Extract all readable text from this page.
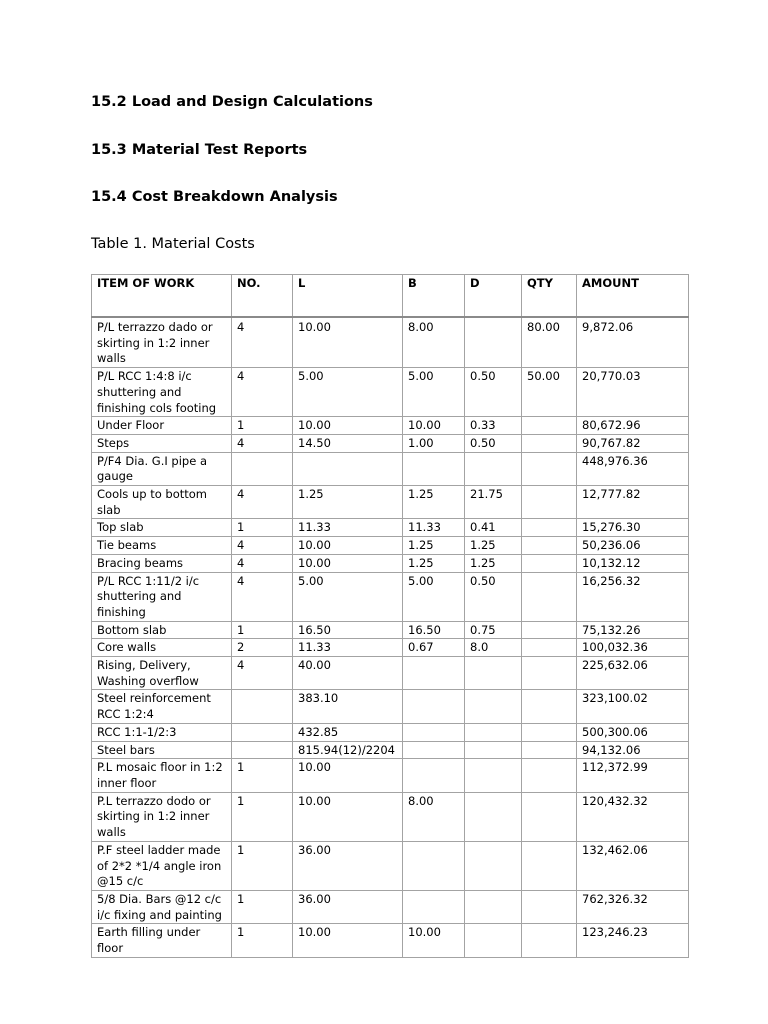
15.2 Load and Design Calculations
15.3 Material Test Reports
15.4 Cost Breakdown Analysis

Table 1. Material Costs

ITEM OF WORK	NO.	L	B	D	QTY	AMOUNT
P/L terrazzo dado or skirting in 1:2 inner walls	4	10.00	8.00		80.00	9,872.06
P/L RCC 1:4:8 i/c shuttering and finishing cols footing	4	5.00	5.00	0.50	50.00	20,770.03
Under Floor	1	10.00	10.00	0.33		80,672.96
Steps	4	14.50	1.00	0.50		90,767.82
P/F4 Dia. G.I pipe a gauge						448,976.36
Cools up to bottom slab	4	1.25	1.25	21.75		12,777.82
Top slab	1	11.33	11.33	0.41		15,276.30
Tie beams	4	10.00	1.25	1.25		50,236.06
Bracing beams	4	10.00	1.25	1.25		10,132.12
P/L RCC 1:11/2 i/c shuttering and finishing	4	5.00	5.00	0.50		16,256.32
Bottom slab	1	16.50	16.50	0.75		75,132.26
Core walls	2	11.33	0.67	8.0		100,032.36
Rising, Delivery, Washing overflow	4	40.00				225,632.06
Steel reinforcement RCC 1:2:4		383.10				323,100.02
RCC 1:1-1/2:3		432.85				500,300.06
Steel bars		815.94(12)/2204				94,132.06
P.L mosaic floor in 1:2 inner floor	1	10.00				112,372.99
P.L terrazzo dodo or skirting in 1:2 inner walls	1	10.00	8.00			120,432.32
P.F steel ladder made of 2*2 *1/4 angle iron @15 c/c	1	36.00				132,462.06
5/8 Dia. Bars @12 c/c i/c fixing and painting	1	36.00				762,326.32
Earth filling under floor	1	10.00	10.00			123,246.23
